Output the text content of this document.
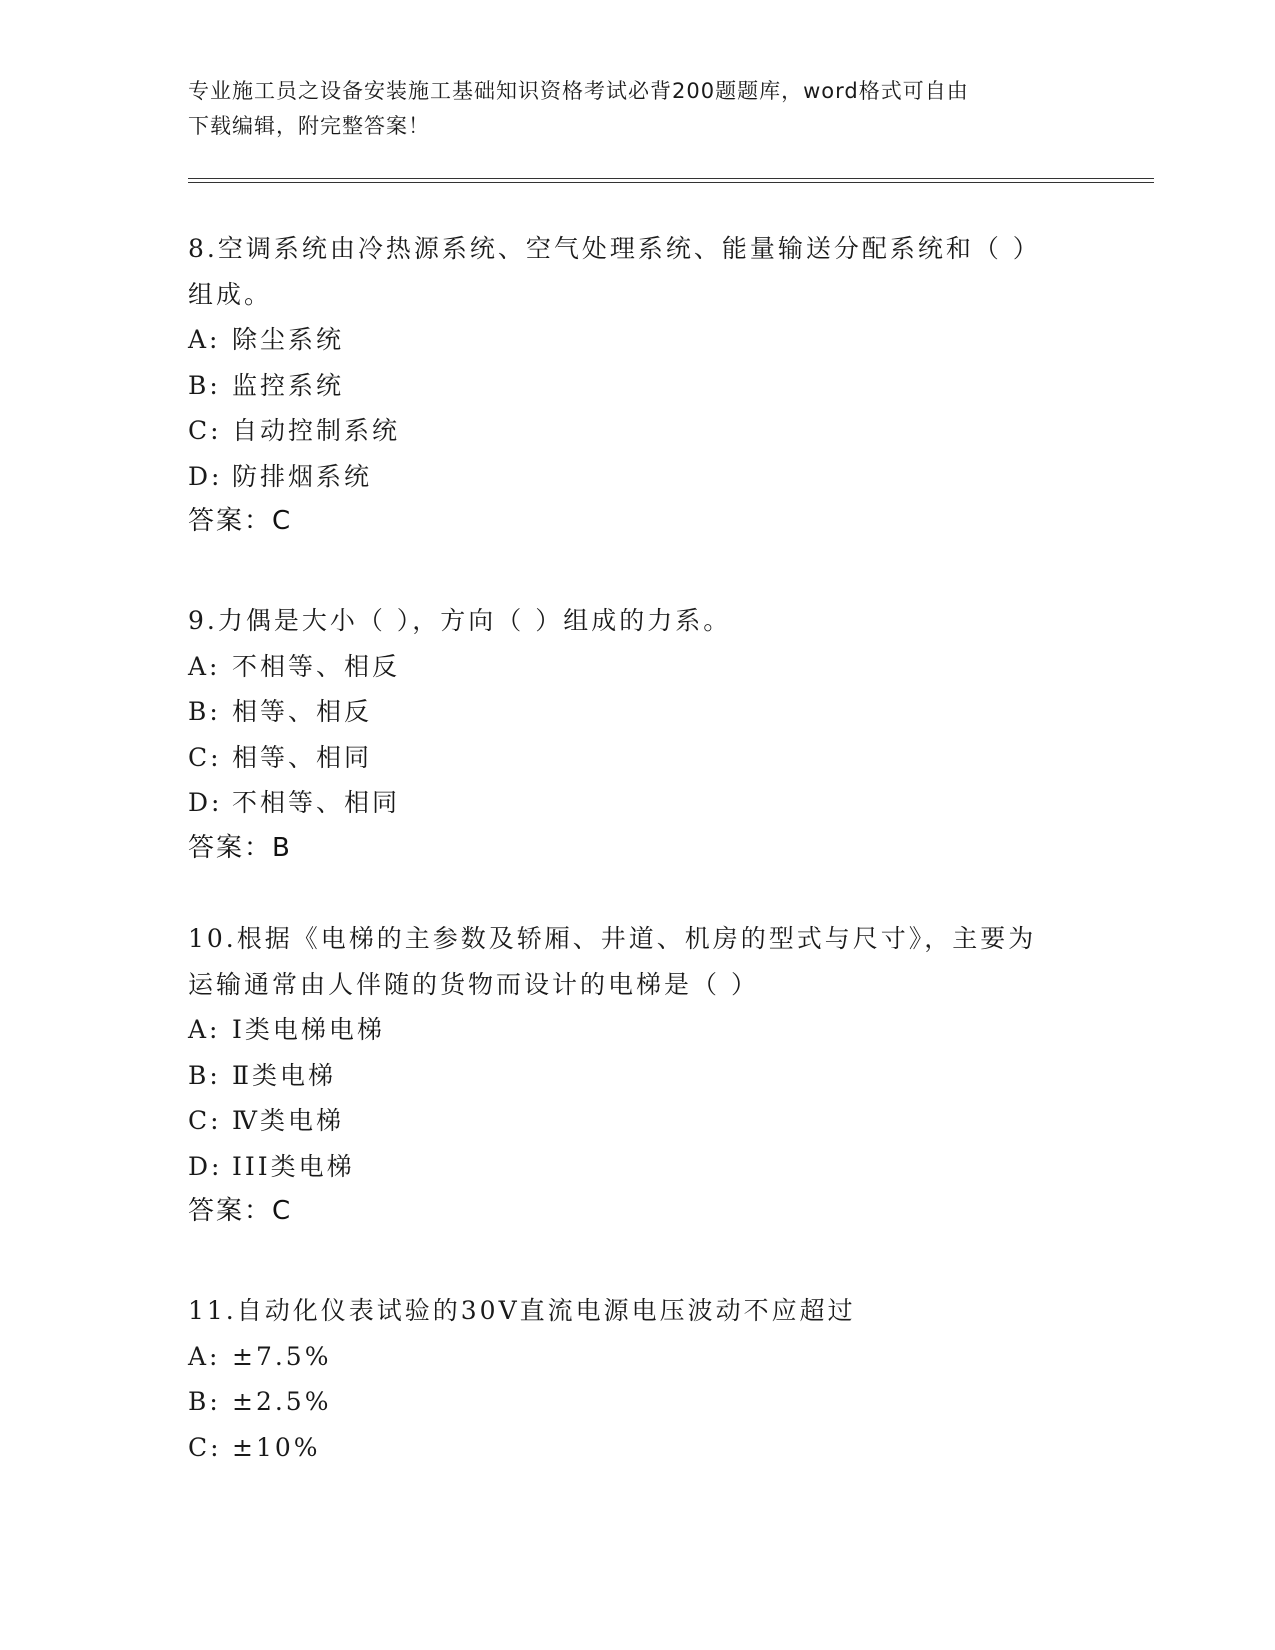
专业施工员之设备安装施工基础知识资格考试必背200题题库，word格式可自由
下载编辑，附完整答案！
8.空调系统由冷热源系统、空气处理系统、能量输送分配系统和（ ）
组成。
A: 除尘系统
B: 监控系统
C: 自动控制系统
D: 防排烟系统
答案：C
9.力偶是大小（ ），方向（ ）组成的力系。
A: 不相等、相反
B: 相等、相反
C: 相等、相同
D: 不相等、相同
答案：B
10.根据《电梯的主参数及轿厢、井道、机房的型式与尺寸》，主要为
运输通常由人伴随的货物而设计的电梯是（ ）
A: Ⅰ类电梯电梯
B: Ⅱ类电梯
C: Ⅳ类电梯
D: III类电梯
答案：C
11.自动化仪表试验的30V直流电源电压波动不应超过
A: ±7.5%
B: ±2.5%
C: ±10%
